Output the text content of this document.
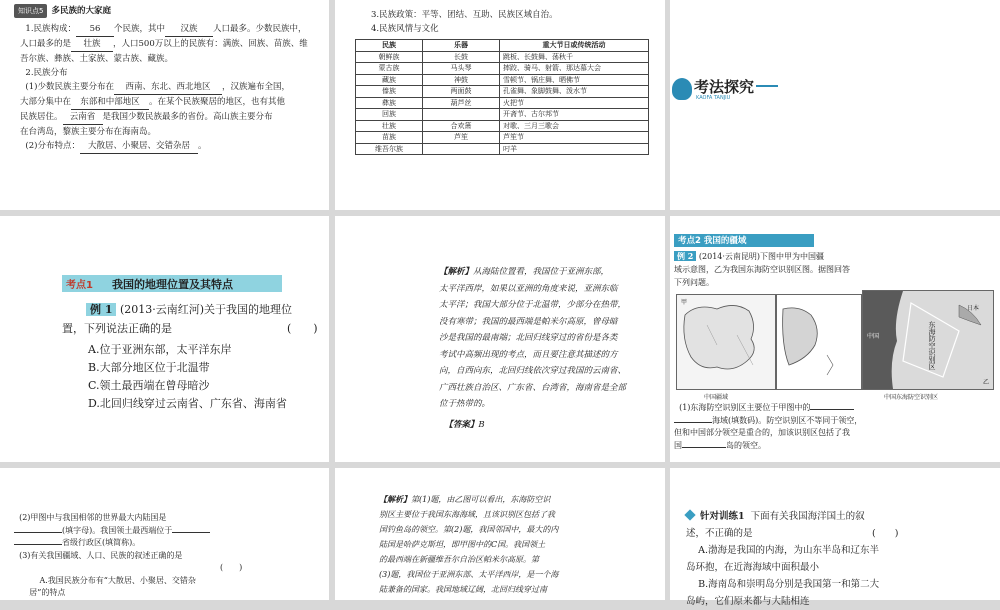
知识点5 多民族的大家庭
1.民族构成： 56 个民族，其中 汉族 人口最多。少数民族中，
人口最多的是 壮族 ，人口500万以上的民族有：满族、回族、苗族、维
吾尔族、彝族、土家族、蒙古族、藏族。
2.民族分布
(1)少数民族主要分布在 西南、东北、西北地区 ，汉族遍布全国，
大部分集中在 东部和中部地区 。在某个民族聚居的地区，也有其他
民族居住。 云南省 是我国少数民族最多的省份。高山族主要分布
在台湾岛，黎族主要分布在海南岛。
(2)分布特点： 大散居、小聚居、交错杂居 。
3.民族政策：平等、团结、互助、民族区域自治。
4.民族风情与文化
民族	乐器	重大节日或传统活动
朝鲜族	长鼓	跳板、长鼓舞、荡秋千
蒙古族	马头琴	摔跤、骑马、射箭、那达慕大会
藏族	神鼓	雪顿节、锅庄舞、晒佛节
傣族	两面鼓	孔雀舞、象脚鼓舞、泼水节
彝族	葫芦丝	火把节
回族		开斋节、古尔邦节
壮族	合欢箫	对歌、三月三歌会
苗族	芦笙	芦笙节
维吾尔族		叼羊
考法探究
KAOFA TANJIU
考点1 我国的地理位置及其特点
例 1 (2013·云南红河)关于我国的地理位
置，下列说法正确的是	(　　)
A.位于亚洲东部，太平洋东岸
B.大部分地区位于北温带
C.领土最西端在曾母暗沙
D.北回归线穿过云南省、广东省、海南省
【解析】从海陆位置看，我国位于亚洲东部，
太平洋西岸，如果以亚洲的角度来说，亚洲东临
太平洋；我国大部分位于北温带，少部分在热带，
没有寒带；我国的最西端是帕米尔高原，曾母暗
沙是我国的最南端；北回归线穿过的省份是各类
考试中高频出现的考点，而且要注意其描述的方
向，自西向东，北回归线依次穿过我国的云南省、
广西壮族自治区、广东省、台湾省，海南省是全部
位于热带的。
【答案】B
考点2 我国的疆域
例 2 (2014·云南昆明)下图中甲为中国疆
域示意图，乙为我国东海防空识别区图。据图回答
下列问题。
甲
东海防空识别区
日本
中国
乙
中国疆域	中国东海防空识别区
(1)东海防空识别区主要位于甲图中的
海域(填数码)。防空识别区不等同于领空，
但和中国部分领空是重合的，加该识别区包括了我
国	岛的领空。
(2)甲图中与我国相邻的世界最大内陆国是
(填字母)。我国领土最西端位于
省级行政区(填简称)。
(3)有关我国疆域、人口、民族的叙述正确的是
(　　)
A.我国民族分布有“大散居、小聚居、交错杂
居”的特点
【解析】第(1)题，由乙图可以看出，东海防空识
别区主要位于我国东海海域，且该识别区包括了我
国钓鱼岛的领空。第(2)题，我国邻国中，最大的内
陆国是哈萨克斯坦，即甲图中的C国。我国领土
的最西端在新疆维吾尔自治区帕米尔高原。第
(3)题，我国位于亚洲东部、太平洋西岸，是一个海
陆兼备的国家。我国地域辽阔，北回归线穿过南
针对训练1 下面有关我国海洋国土的叙
述，不正确的是	(　　)
A.渤海是我国的内海，为山东半岛和辽东半
岛环抱，在近海海域中面积最小
B.海南岛和崇明岛分别是我国第一和第二大
岛屿，它们原来都与大陆相连
